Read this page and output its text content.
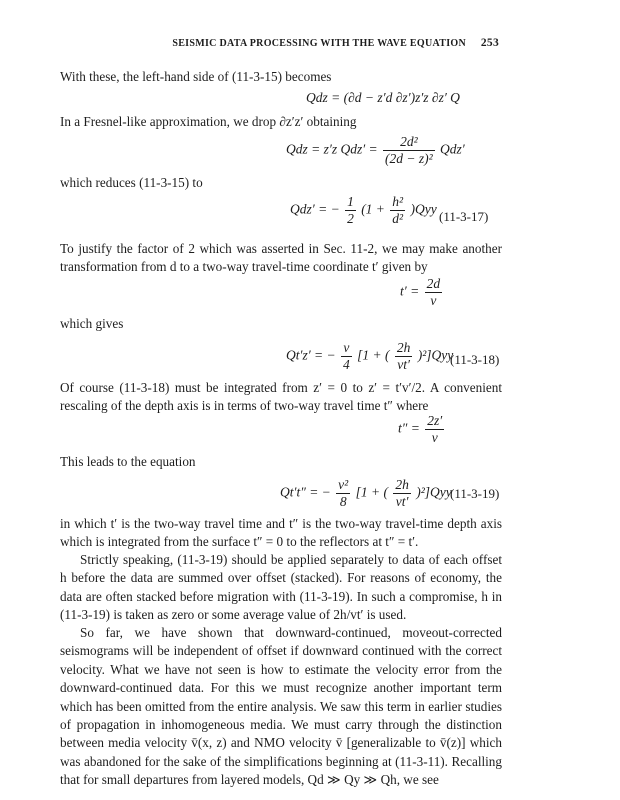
SEISMIC DATA PROCESSING WITH THE WAVE EQUATION 253
With these, the left-hand side of (11-3-15) becomes
Qdz = (∂d − z′d ∂z′)z′z ∂z′ Q
In a Fresnel-like approximation, we drop ∂z′z′ obtaining
Qdz = z′z $Qdz' = \frac{\text{2d²}}{\text{(2d − z)²}} Qdz'$
which reduces (11-3-15) to
Qdz′ = − $\frac{1}{2} (1 + \frac{\text{h²}}{\text{d²}} )Qyy$ (11-3-17)
To justify the factor of 2 which was asserted in Sec. 11-2, we may make another transformation from d to a two-way travel-time coordinate t′ given by
$t' = \frac{2d}{v}$
which gives
Qt′z′ = − $\frac{v}{4} [1$ + ( $\frac{2h}{vt'} )^2]Qyy$
(11-3-18)
Of course (11-3-18) must be integrated from z′ = 0 to z′ = t′v′/2. A convenient rescaling of the depth axis is in terms of two-way travel time t″ where
$t'' = \frac{2z'}{v}$
This leads to the equation
Qt′t″ = − $\frac{\text{v²}}{8} [1$ + ( $\frac{2h}{vt'} )^2]Qyy$
(11-3-19)
in which t′ is the two-way travel time and t″ is the two-way travel-time depth axis which is integrated from the surface t″ = 0 to the reflectors at t″ = t′.
Strictly speaking, (11-3-19) should be applied separately to data of each offset h before the data are summed over offset (stacked). For reasons of economy, the data are often stacked before migration with (11-3-19). In such a compromise, h in (11-3-19) is taken as zero or some average value of 2h/vt′ is used.
So far, we have shown that downward-continued, moveout-corrected seismograms will be independent of offset if downward continued with the correct velocity. What we have not seen is how to estimate the velocity error from the downward-continued data. For this we must recognize another important term which has been omitted from the entire analysis. We saw this term in earlier studies of propagation in inhomogeneous media. We must carry through the distinction between media velocity v̄(x, z) and NMO velocity v̄ [generalizable to v̄(z)] which was abandoned for the sake of the simplifications beginning at (11-3-11). Recalling that for small departures from layered models, Qd ≫ Qy ≫ Qh, we see
